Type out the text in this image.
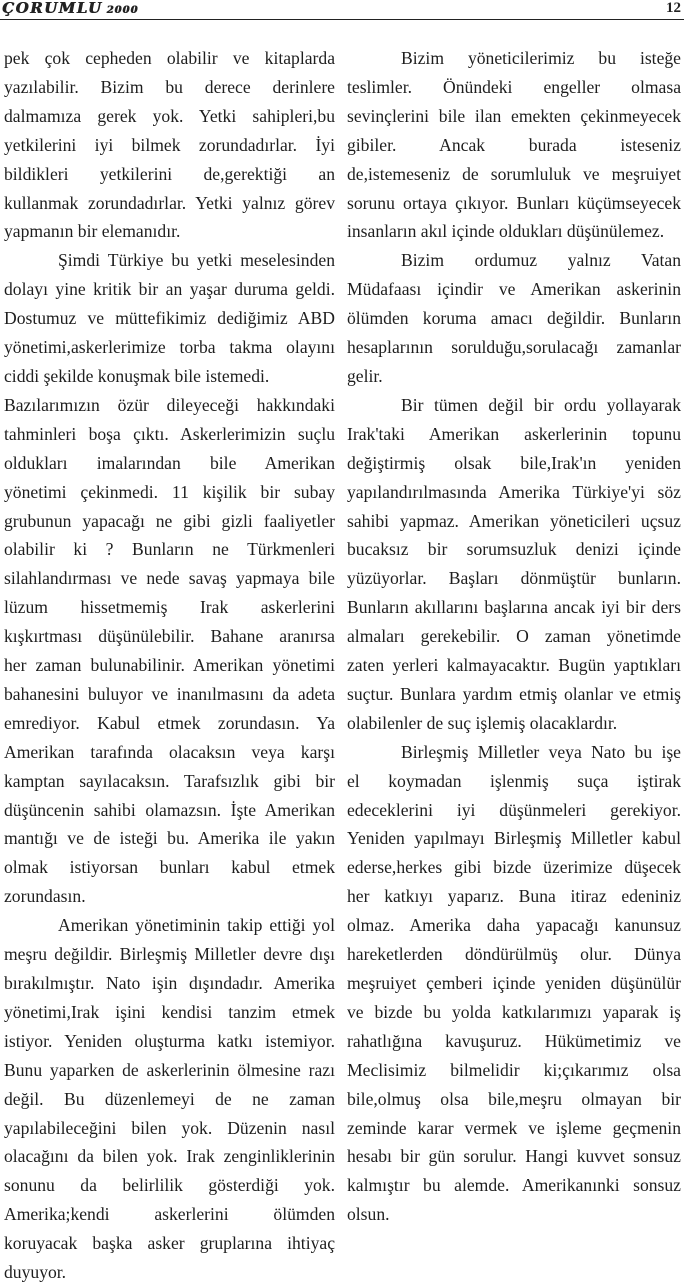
ÇORUMLU 2000	12
pek çok cepheden olabilir ve kitaplarda
yazılabilir. Bizim bu derece derinlere
dalmamıza gerek yok. Yetki sahipleri,bu
yetkilerini iyi bilmek zorundadırlar. İyi
bildikleri yetkilerini de,gerektiği an
kullanmak zorundadırlar. Yetki yalnız görev
yapmanın bir elemanıdır.
Şimdi Türkiye bu yetki meselesinden
dolayı yine kritik bir an yaşar duruma geldi.
Dostumuz ve müttefikimiz dediğimiz ABD
yönetimi,askerlerimize torba takma olayını
ciddi şekilde konuşmak bile istemedi.
Bazılarımızın özür dileyeceği hakkındaki
tahminleri boşa çıktı. Askerlerimizin suçlu
oldukları imalarından bile Amerikan
yönetimi çekinmedi. 11 kişilik bir subay
grubunun yapacağı ne gibi gizli faaliyetler
olabilir ki ? Bunların ne Türkmenleri
silahlandırması ve nede savaş yapmaya bile
lüzum hissetmemiş Irak askerlerini
kışkırtması düşünülebilir. Bahane aranırsa
her zaman bulunabilinir. Amerikan yönetimi
bahanesini buluyor ve inanılmasını da adeta
emrediyor. Kabul etmek zorundasın. Ya
Amerikan tarafında olacaksın veya karşı
kamptan sayılacaksın. Tarafsızlık gibi bir
düşüncenin sahibi olamazsın. İşte Amerikan
mantığı ve de isteği bu. Amerika ile yakın
olmak istiyorsan bunları kabul etmek
zorundasın.
Amerikan yönetiminin takip ettiği yol
meşru değildir. Birleşmiş Milletler devre dışı
bırakılmıştır. Nato işin dışındadır. Amerika
yönetimi,Irak işini kendisi tanzim etmek
istiyor. Yeniden oluşturma katkı istemiyor.
Bunu yaparken de askerlerinin ölmesine razı
değil. Bu düzenlemeyi de ne zaman
yapılabileceğini bilen yok. Düzenin nasıl
olacağını da bilen yok. Irak zenginliklerinin
sonunu da belirlilik gösterdiği yok.
Amerika;kendi askerlerini ölümden
koruyacak başka asker gruplarına ihtiyaç
duyuyor.
Bizim yöneticilerimiz bu isteğe
teslimler. Önündeki engeller olmasa
sevinçlerini bile ilan emekten çekinmeyecek
gibiler. Ancak burada isteseniz
de,istemeseniz de sorumluluk ve meşruiyet
sorunu ortaya çıkıyor. Bunları küçümseyecek
insanların akıl içinde oldukları düşünülemez.
Bizim ordumuz yalnız Vatan
Müdafaası içindir ve Amerikan askerinin
ölümden koruma amacı değildir. Bunların
hesaplarının sorulduğu,sorulacağı zamanlar
gelir.
Bir tümen değil bir ordu yollayarak
Irak'taki Amerikan askerlerinin topunu
değiştirmiş olsak bile,Irak'ın yeniden
yapılandırılmasında Amerika Türkiye'yi söz
sahibi yapmaz. Amerikan yöneticileri uçsuz
bucaksız bir sorumsuzluk denizi içinde
yüzüyorlar. Başları dönmüştür bunların.
Bunların akıllarını başlarına ancak iyi bir ders
almaları gerekebilir. O zaman yönetimde
zaten yerleri kalmayacaktır. Bugün yaptıkları
suçtur. Bunlara yardım etmiş olanlar ve etmiş
olabilenler de suç işlemiş olacaklardır.
Birleşmiş Milletler veya Nato bu işe
el koymadan işlenmiş suça iştirak
edeceklerini iyi düşünmeleri gerekiyor.
Yeniden yapılmayı Birleşmiş Milletler kabul
ederse,herkes gibi bizde üzerimize düşecek
her katkıyı yaparız. Buna itiraz edeniniz
olmaz. Amerika daha yapacağı kanunsuz
hareketlerden döndürülmüş olur. Dünya
meşruiyet çemberi içinde yeniden düşünülür
ve bizde bu yolda katkılarımızı yaparak iş
rahatlığına kavuşuruz. Hükümetimiz ve
Meclisimiz bilmelidir ki;çıkarımız olsa
bile,olmuş olsa bile,meşru olmayan bir
zeminde karar vermek ve işleme geçmenin
hesabı bir gün sorulur. Hangi kuvvet sonsuz
kalmıştır bu alemde. Amerikanınki sonsuz
olsun.
